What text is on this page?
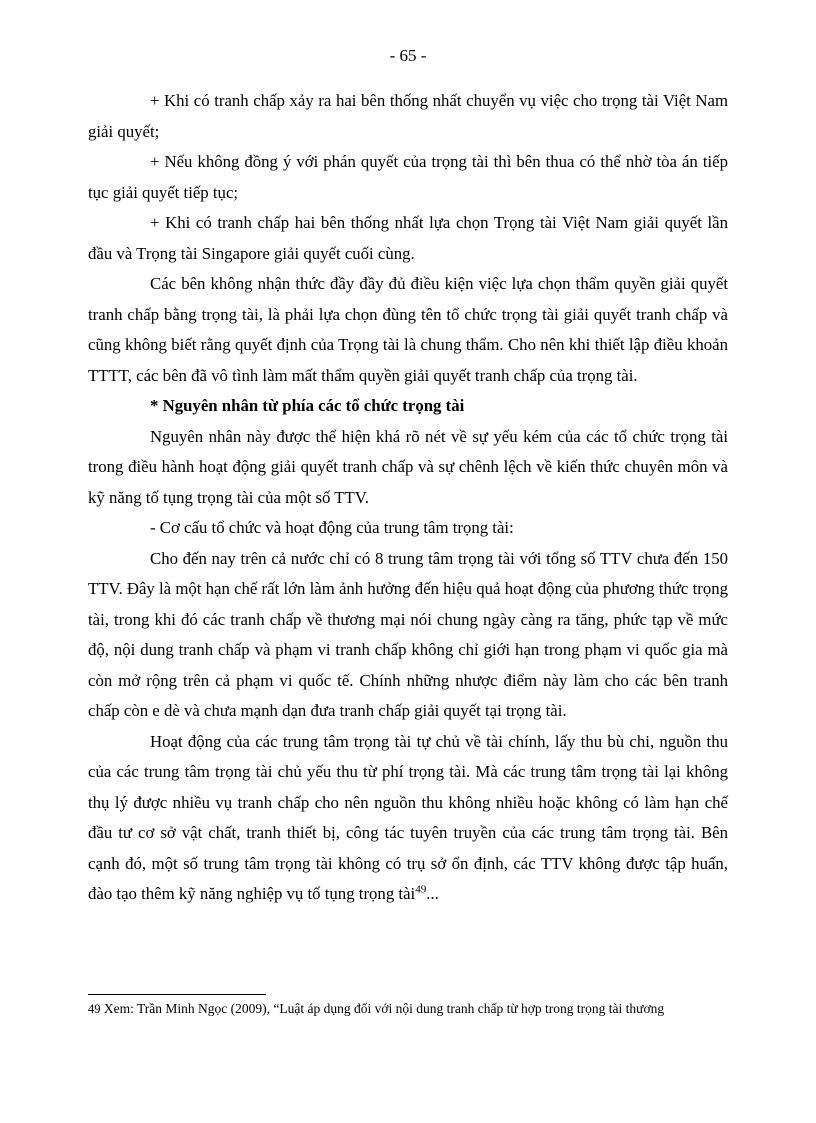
- 65 -

+ Khi có tranh chấp xảy ra hai bên thống nhất chuyển vụ việc cho trọng tài Việt Nam giải quyết;

+ Nếu không đồng ý với phán quyết của trọng tài thì bên thua có thể nhờ tòa án tiếp tục giải quyết tiếp tục;

+ Khi có tranh chấp hai bên thống nhất lựa chọn Trọng tài Việt Nam giải quyết lần đầu và Trọng tài Singapore giải quyết cuối cùng.

Các bên không nhận thức đầy đầy đủ điều kiện việc lựa chọn thẩm quyền giải quyết tranh chấp bằng trọng tài, là phải lựa chọn đùng tên tổ chức trọng tài giải quyết tranh chấp và cũng không biết rằng quyết định của Trọng tài là chung thẩm. Cho nên khi thiết lập điều khoản TTTT, các bên đã vô tình làm mất thẩm quyền giải quyết tranh chấp của trọng tài.

* Nguyên nhân từ phía các tổ chức trọng tài

Nguyên nhân này được thể hiện khá rõ nét về sự yếu kém của các tổ chức trọng tài trong điều hành hoạt động giải quyết tranh chấp và sự chênh lệch về kiến thức chuyên môn và kỹ năng tố tụng trọng tài của một số TTV.

- Cơ cấu tổ chức và hoạt động của trung tâm trọng tài:

Cho đến nay trên cả nước chỉ có 8 trung tâm trọng tài với tổng số TTV chưa đến 150 TTV. Đây là một hạn chế rất lớn làm ảnh hưởng đến hiệu quả hoạt động của phương thức trọng tài, trong khi đó các tranh chấp về thương mại nói chung ngày càng ra tăng, phức tạp về mức độ, nội dung tranh chấp và phạm vi tranh chấp không chỉ giới hạn trong phạm vi quốc gia mà còn mở rộng trên cả phạm vi quốc tế. Chính những nhược điểm này làm cho các bên tranh chấp còn e dè và chưa mạnh dạn đưa tranh chấp giải quyết tại trọng tài.

Hoạt động của các trung tâm trọng tài tự chủ về tài chính, lấy thu bù chi, nguồn thu của các trung tâm trọng tài chủ yếu thu từ phí trọng tài. Mà các trung tâm trọng tài lại không thụ lý được nhiều vụ tranh chấp cho nên nguồn thu không nhiều hoặc không có làm hạn chế đầu tư cơ sở vật chất, tranh thiết bị, công tác tuyên truyền của các trung tâm trọng tài. Bên cạnh đó, một số trung tâm trọng tài không có trụ sở ổn định, các TTV không được tập huấn, đào tạo thêm kỹ năng nghiệp vụ tố tụng trọng tài$^{49}$...

49 Xem: Trần Minh Ngọc (2009), “Luật áp dụng đối với nội dung tranh chấp từ hợp trong trọng tài thương
